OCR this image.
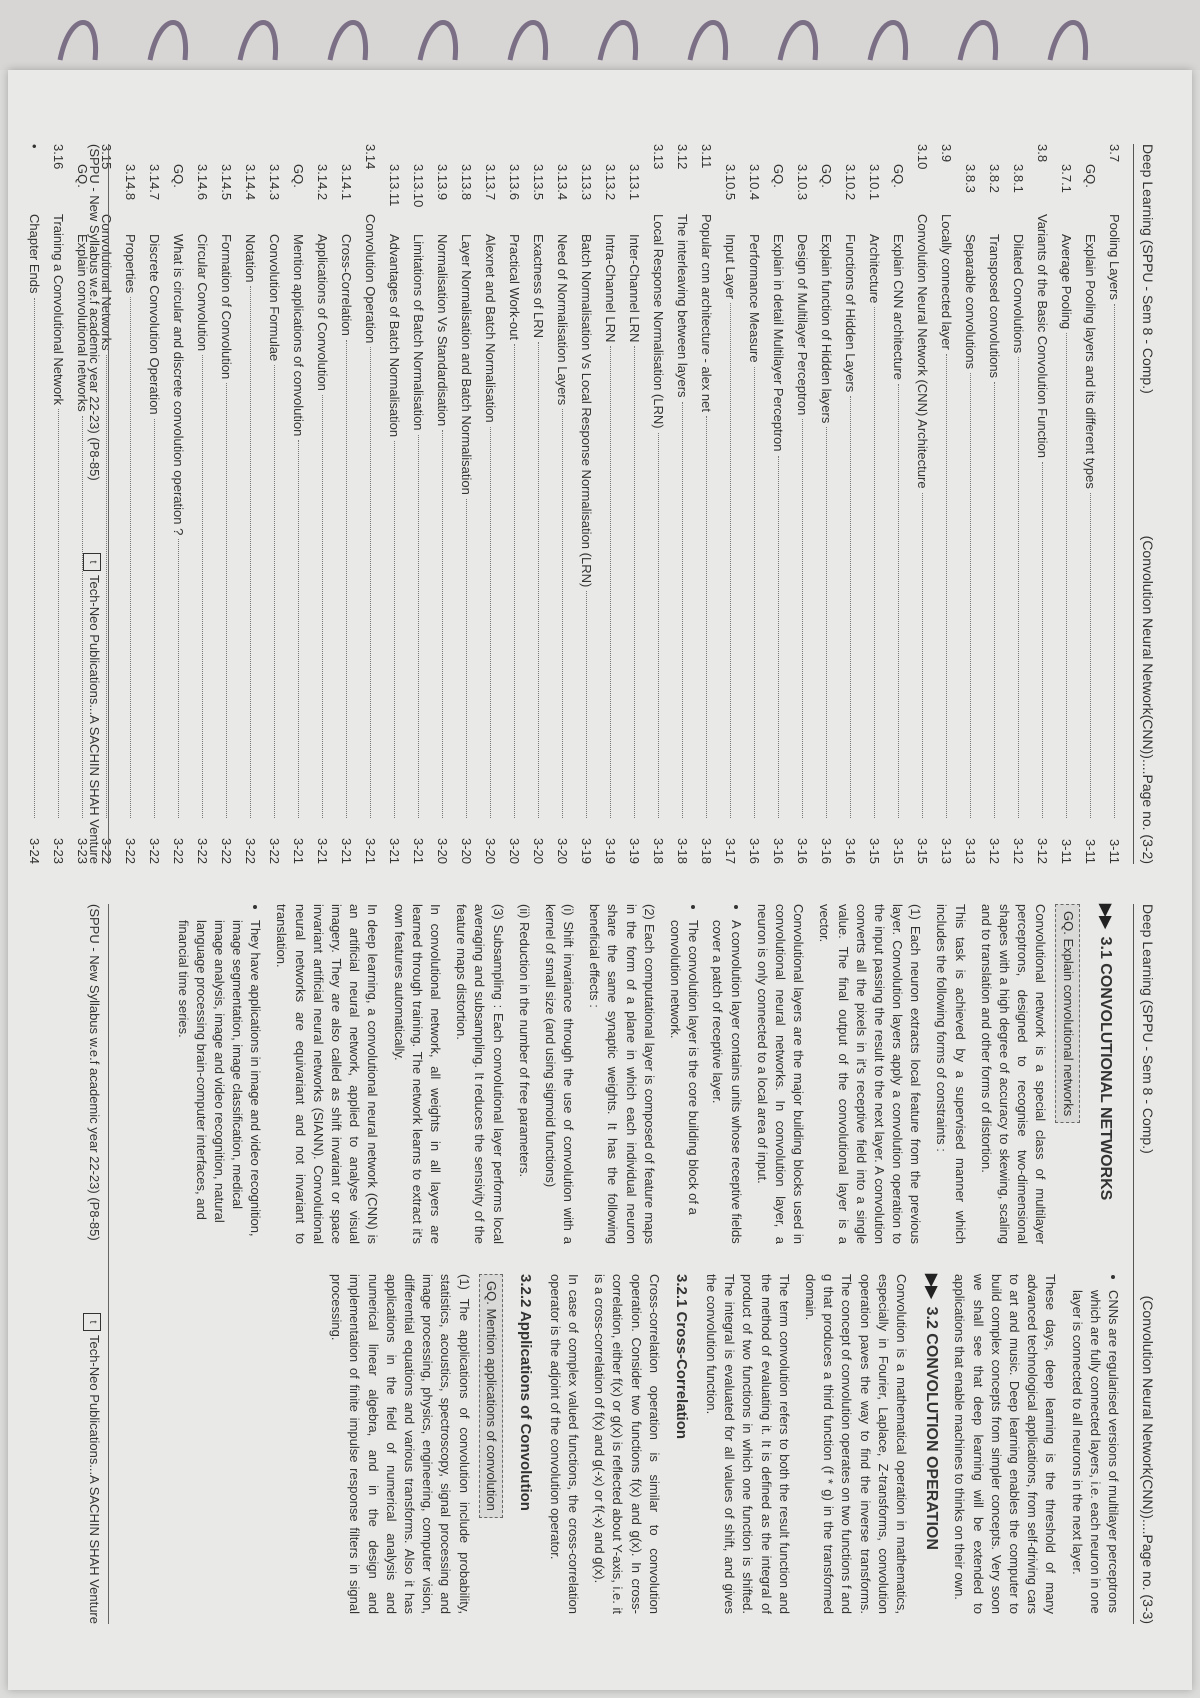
Deep Learning (SPPU - Sem 8 - Comp.)
(Convolution Neural Network(CNN))....Page no. (3-2)
3.7
Pooling Layers
3-11
GQ.
Explain Pooling layers and its different types
3-11
3.7.1
Average Pooling
3-11
3.8
Variants of the Basic Convolution Function
3-12
3.8.1
Dilated Convolutions
3-12
3.8.2
Transposed convolutions
3-12
3.8.3
Separable convolutions
3-13
3.9
Locally connected layer
3-13
3.10
Convolution Neural Network (CNN) Architecture
3-15
GQ.
Explain CNN architecture
3-15
3.10.1
Architecture
3-15
3.10.2
Functions of Hidden Layers
3-16
GQ.
Explain function of Hidden layers
3-16
3.10.3
Design of Multilayer Perceptron
3-16
GQ.
Explain in detail Multilayer Perceptron
3-16
3.10.4
Performance Measure
3-16
3.10.5
Input Layer
3-17
3.11
Popular cnn architecture - alex net
3-18
3.12
The interleaving between layers
3-18
3.13
Local Response Normalisation (LRN)
3-18
3.13.1
Inter-Channel LRN
3-19
3.13.2
Intra-Channel LRN
3-19
3.13.3
Batch Normalisation Vs Local Response Normalisation (LRN)
3-19
3.13.4
Need of Normalisation Layers
3-20
3.13.5
Exactness of LRN
3-20
3.13.6
Practical Work-out
3-20
3.13.7
Alexnet and Batch Normalisation
3-20
3.13.8
Layer Normalisation and Batch Normalisation
3-20
3.13.9
Normalisation Vs Standardisation
3-20
3.13.10
Limitations of Batch Normalisation
3-21
3.13.11
Advantages of Batch Normalisation
3-21
3.14
Convolution Operation
3-21
3.14.1
Cross-Correlation
3-21
3.14.2
Applications of Convolution
3-21
GQ.
Mention applications of convolution
3-21
3.14.3
Convolution Formulae
3-22
3.14.4
Notation
3-22
3.14.5
Formation of Convolution
3-22
3.14.6
Circular Convolution
3-22
GQ.
What is circular and discrete convolution operation ?
3-22
3.14.7
Discrete Convolution Operation
3-22
3.14.8
Properties
3-22
3.15
Convolutional Networks
3-22
GQ.
Explain convolutional networks
3-23
3.16
Training a Convolutional Network
3-23
•
Chapter Ends
3-24
(SPPU - New Syllabus w.e.f academic year 22-23) (P8-85)
tTech-Neo Publications...A SACHIN SHAH Venture
Deep Learning (SPPU - Sem 8 - Comp.)
(Convolution Neural Network(CNN))....Page no. (3-3)
▶▶
3.1 CONVOLUTIONAL NETWORKS
GQ. Explain convolutional networks

Convolutional network is a special class of multilayer perceptrons, designed to recognise two-dimensional shapes with a high degree of accuracy to skewing, scaling and to translation and other forms of distortion.

This task is achieved by a supervised manner which includes the following forms of constraints :

(1) Each neuron extracts local feature from the previous layer. Convolution layers apply a convolution operation to the input passing the result to the next layer. A convolution converts all the pixels in it's receptive field into a single value. The final output of the convolutional layer is a vector.

Convolutional layers are the major building blocks used in convolutional neural networks. In convolution layer, a neuron is only connected to a local area of input.

• A convolution layer contains units whose receptive fields cover a patch of receptive layer.
• The convolution layer is the core building block of a convolution network.

(2) Each computational layer is composed of feature maps in the form of a plane in which each individual neuron share the same synaptic weights. It has the following beneficial effects :

(i) Shift invariance through the use of convolution with a kernel of small size (and using sigmoid functions)

(ii) Reduction in the number of free parameters.

(3) Subsampling : Each convolutional layer performs local averaging and subsampling. It reduces the sensivity of the feature maps distortion.

In convolutional network, all weights in all layers are learned through training. The network learns to extract it's own features automatically.

In deep learning, a convolutional neural network (CNN) is an artificial neural network, applied to analyse visual imagery. They are also called as shift invariant or space invariant artificial neural networks (SIANN). Convolutional neural networks are equivariant and not invariant to translation.

• They have applications in image and video recognition, image segmentation, image classification, medical image analysis, image and video recognition, natural language processing brain-computer interfaces, and financial time series.
• CNNs are regularised versions of multilayer perceptrons which are fully connected layers, i.e. each neuron in one layer is connected to all neurons in the next layer.

These days, deep learning is the threshold of many advanced technological applications, from self-driving cars to art and music. Deep learning enables the computer to build complex concepts from simpler concepts. Very soon we shall see that deep learning will be extended to applications that enable machines to thinks on their own.

▶▶
3.2 CONVOLUTION OPERATION

Convolution is a mathematical operation in mathematics, especially in Fourier, Laplace, Z-transforms, convolution operation paves the way to find the inverse transforms. The concept of convolution operates on two functions f and g that produces a third function (f * g) in the transformed domain.

The term convolution refers to both the result function and the method of evaluating it. It is defined as the integral of product of two functions in which one function is shifted. The integral is evaluated for all values of shift, and gives the convolution function.

3.2.1 Cross-Correlation

Cross-correlation operation is similar to convolution operation. Consider two functions f(x) and g(x). In cross-correlation, either f(x) or g(x) is reflected about Y-axis, i.e. it is a cross-correlation of f(x) and g(-x) or f(-x) and g(x).

In case of complex valued functions, the cross-correlation operator is the adjoint of the convolution operator.

3.2.2 Applications of Convolution
GQ. Mention applications of convolution

(1) The applications of convolution include probability, statistics, acoustics, spectroscopy, signal processing and image processing, physics, engineering, computer vision, differential equations and various transforms. Also it has applications in the field of numerical analysis and numerical linear algebra, and in the design and implementation of finite impulse response filters in signal processing.

(SPPU - New Syllabus w.e.f academic year 22-23) (P8-85)
tTech-Neo Publications...A SACHIN SHAH Venture
